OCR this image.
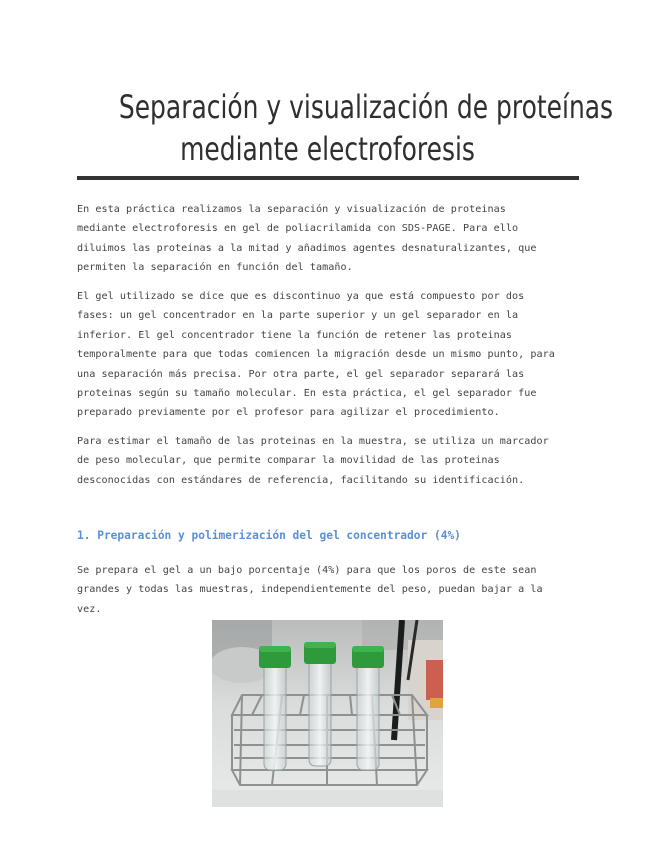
Separación y visualización de proteínas
mediante electroforesis

En esta práctica realizamos la separación y visualización de proteinas
mediante electroforesis en gel de poliacrilamida con SDS-PAGE. Para ello
diluimos las proteinas a la mitad y añadimos agentes desnaturalizantes, que
permiten la separación en función del tamaño.

El gel utilizado se dice que es discontinuo ya que está compuesto por dos
fases: un gel concentrador en la parte superior y un gel separador en la
inferior. El gel concentrador tiene la función de retener las proteinas
temporalmente para que todas comiencen la migración desde un mismo punto, para
una separación más precisa. Por otra parte, el gel separador separará las
proteinas según su tamaño molecular. En esta práctica, el gel separador fue
preparado previamente por el profesor para agilizar el procedimiento.

Para estimar el tamaño de las proteinas en la muestra, se utiliza un marcador
de peso molecular, que permite comparar la movilidad de las proteinas
desconocidas con estándares de referencia, facilitando su identificación.

1. Preparación y polimerización del gel concentrador (4%)

Se prepara el gel a un bajo porcentaje (4%) para que los poros de este sean
grandes y todas las muestras, independientemente del peso, puedan bajar a la
vez.
